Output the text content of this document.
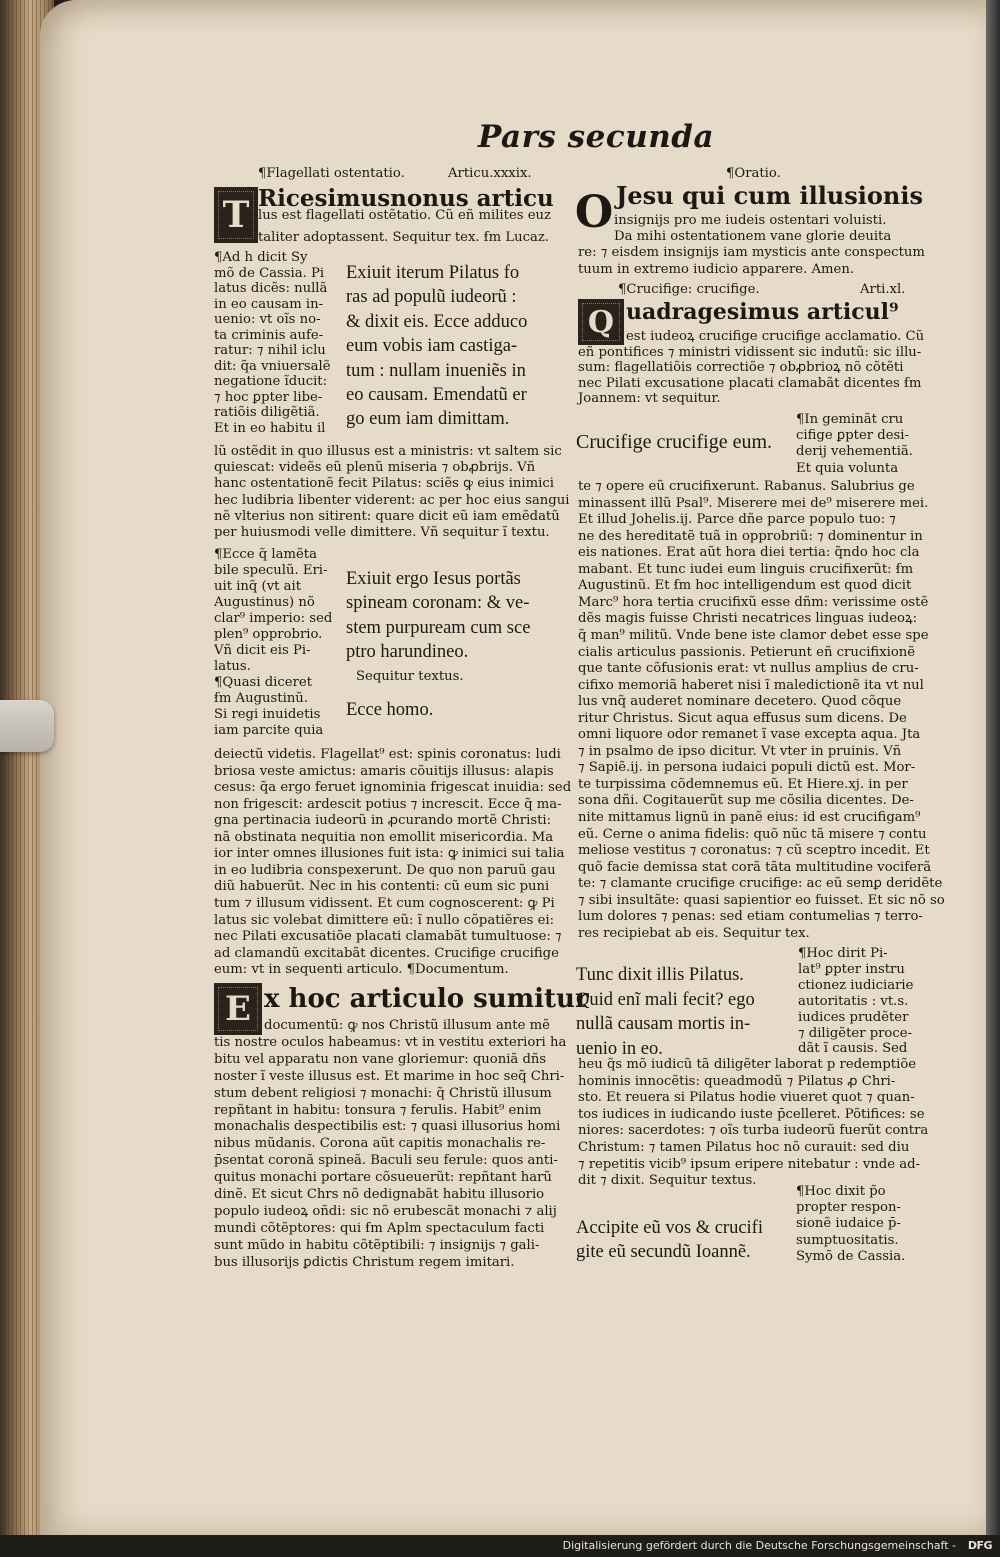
Pars secunda
¶Flagellati ostentatio.	Articu.xxxix.
T Ricesimusnonus articu
lus est flagellati ostẽtatio. Cũ eñ milites euz
taliter adoptassent. Sequitur tex. ẜm Lucaz.
¶Ad h dicit Sy
mõ de Cassia. Pi
latus dicẽs: nullã
in eo causam in-
uenio: vt oĩs no-
ta criminis aufe-
ratur: ⁊ nihil iclu
dit: q̃a vniuersalẽ
negatione ĩducit:
⁊ hoc ꝑpter libe-
ratiõis diligẽtiã.
Et in eo habitu il
Exiuit iterum Pilatus fo
ras ad populũ iudeorũ :
& dixit eis. Ecce adduco
eum vobis iam castiga-
tum : nullam inueniẽs in
eo causam. Emendatũ er
go eum iam dimittam.
lũ ostẽdit in quo illusus est a ministris: vt saltem sic
quiescat: videẽs eũ plenũ miseria ⁊ obꝓbrijs. Vñ
hanc ostentationẽ fecit Pilatus: sciẽs ꝙ eius inimici
hec ludibria libenter viderent: ac per hoc eius sangui
nẽ vlterius non sitirent: quare dicit eũ iam emẽdatũ
per huiusmodi velle dimittere. Vñ sequitur ĩ textu.
¶Ecce q̃ lamẽta
bile speculũ. Eri-
uit inq̃ (vt ait
Augustinus) nõ
clar⁹ imperio: sed
plen⁹ opprobrio.
Vñ dicit eis Pi-
latus.
¶Quasi diceret
ẜm Augustinũ.
Si regi inuidetis
iam parcite quia
Exiuit ergo Iesus portãs
spineam coronam: & ve-
stem purpuream cum sce
ptro harundineo.
Sequitur textus.
Ecce homo.
deiectũ videtis. Flagellat⁹ est: spinis coronatus: ludi
briosa veste amictus: amaris cõuitijs illusus: alapis
cesus: q̃a ergo feruet ignominia frigescat inuidia: sed
non frigescit: ardescit potius ⁊ increscit. Ecce q̃ ma-
gna pertinacia iudeorũ in ꝓcurando mortẽ Christi:
nã obstinata nequitia non emollit misericordia. Ma
ior inter omnes illusiones fuit ista: ꝙ inimici sui talia
in eo ludibria conspexerunt. De quo non paruũ gau
diũ habuerũt. Nec in his contenti: cũ eum sic puni
tum ⁊ illusum vidissent. Et cum cognoscerent: ꝙ Pi
latus sic volebat dimittere eũ: ĩ nullo cõpatiẽres ei:
nec Pilati excusatiõe placati clamabãt tumultuose: ⁊
ad clamandũ excitabãt dicentes. Crucifige crucifige
eum: vt in sequenti articulo. ¶Documentum.
E x hoc articulo sumitur
documentũ: ꝙ nos Christũ illusum ante mẽ
tis nostre oculos habeamus: vt in vestitu exteriori ha
bitu vel apparatu non vane gloriemur: quoniã dñs
noster ĩ veste illusus est. Et marime in hoc seq̃ Chri-
stum debent religiosi ⁊ monachi: q̃ Christũ illusum
repñtant in habitu: tonsura ⁊ ferulis. Habit⁹ enim
monachalis despectibilis est: ⁊ quasi illusorius homi
nibus mũdanis. Corona aũt capitis monachalis re-
p̄sentat coronã spineã. Baculi seu ferule: quos anti-
quitus monachi portare cõsueuerũt: repñtant harũ
dinẽ. Et sicut Chrs nõ dedignabãt habitu illusorio
populo iudeoꝝ oñdi: sic nõ erubescãt monachi ⁊ alij
mundi cõtẽptores: qui ẜm Aplm spectaculum facti
sunt mũdo in habitu cõtẽptibili: ⁊ insignijs ⁊ gali-
bus illusorijs ꝑdictis Christum regem imitari.
¶Oratio.
O Jesu qui cum illusionis
insignijs pro me iudeis ostentari voluisti.
Da mihi ostentationem vane glorie deuita
re: ⁊ eisdem insignijs iam mysticis ante conspectum
tuum in extremo iudicio apparere. Amen.
¶Crucifige: crucifige.	Arti.xl.
Q uadragesimus articul⁹
est iudeoꝝ crucifige crucifige acclamatio. Cũ
eñ pontifices ⁊ ministri vidissent sic indutũ: sic illu-
sum: flagellatiõis correctiõe ⁊ obꝓbrioꝝ nõ cõtẽti
nec Pilati excusatione placati clamabãt dicentes ẜm
Joannem: vt sequitur.
Crucifige crucifige eum.
¶In geminãt cru
cifige ꝑpter desi-
derij vehementiã.
Et quia volunta
te ⁊ opere eũ crucifixerunt. Rabanus. Salubrius ge
minassent illũ Psal⁹. Miserere mei de⁹ miserere mei.
Et illud Johelis.ij. Parce dñe parce populo tuo: ⁊
ne des hereditatẽ tuã in opprobriũ: ⁊ dominentur in
eis nationes. Erat aũt hora diei tertia: q̃ndo hoc cla
mabant. Et tunc iudei eum linguis crucifixerũt: ẜm
Augustinũ. Et ẜm hoc intelligendum est quod dicit
Marc⁹ hora tertia crucifixũ esse dñm: verissime ostẽ
dẽs magis fuisse Christi necatrices linguas iudeoꝝ:
q̃ man⁹ militũ. Vnde bene iste clamor debet esse spe
cialis articulus passionis. Petierunt eñ crucifixionẽ
que tante cõfusionis erat: vt nullus amplius de cru-
cifixo memoriã haberet nisi ĩ maledictionẽ ita vt nul
lus vnq̃ auderet nominare decetero. Quod cõque
ritur Christus. Sicut aqua effusus sum dicens. De
omni liquore odor remanet ĩ vase excepta aqua. Jta
⁊ in psalmo de ipso dicitur. Vt vter in pruinis. Vñ
⁊ Sapiẽ.ij. in persona iudaici populi dictũ est. Mor-
te turpissima cõdemnemus eũ. Et Hiere.xj. in per
sona dñi. Cogitauerũt sup me cõsilia dicentes. De-
nite mittamus lignũ in panẽ eius: id est crucifigam⁹
eũ. Cerne o anima fidelis: quõ nũc tã misere ⁊ contu
meliose vestitus ⁊ coronatus: ⁊ cũ sceptro incedit. Et
quõ facie demissa stat corã tãta multitudine vociferã
te: ⁊ clamante crucifige crucifige: ac eũ semꝑ deridẽte
⁊ sibi insultãte: quasi sapientior eo fuisset. Et sic nõ so
lum dolores ⁊ penas: sed etiam contumelias ⁊ terro-
res recipiebat ab eis. Sequitur tex.
Tunc dixit illis Pilatus.
Quid enĩ mali fecit? ego
nullã causam mortis in-
uenio in eo.
¶Hoc dirit Pi-
lat⁹ ꝑpter instru
ctionez iudiciarie
autoritatis : vt.s.
iudices prudẽter
⁊ diligẽter proce-
dãt ĩ causis. Sed
heu q̃s mõ iudicũ tã diligẽter laborat p redemptiõe
hominis innocẽtis: queadmodũ ⁊ Pilatus ꝓ Chri-
sto. Et reuera si Pilatus hodie viueret quot ⁊ quan-
tos iudices in iudicando iuste p̄celleret. Põtifices: se
niores: sacerdotes: ⁊ oĩs turba iudeorũ fuerũt contra
Christum: ⁊ tamen Pilatus hoc nõ curauit: sed diu
⁊ repetitis vicib⁹ ipsum eripere nitebatur : vnde ad-
dit ⁊ dixit. Sequitur textus.
¶Hoc dixit p̃o
propter respon-
sionẽ iudaice p̄-
sumptuositatis.
Symõ de Cassia.
Accipite eũ vos & crucifi
gite eũ secundũ Ioannẽ.
Digitalisierung gefördert durch die Deutsche Forschungsgemeinschaft - DFG
